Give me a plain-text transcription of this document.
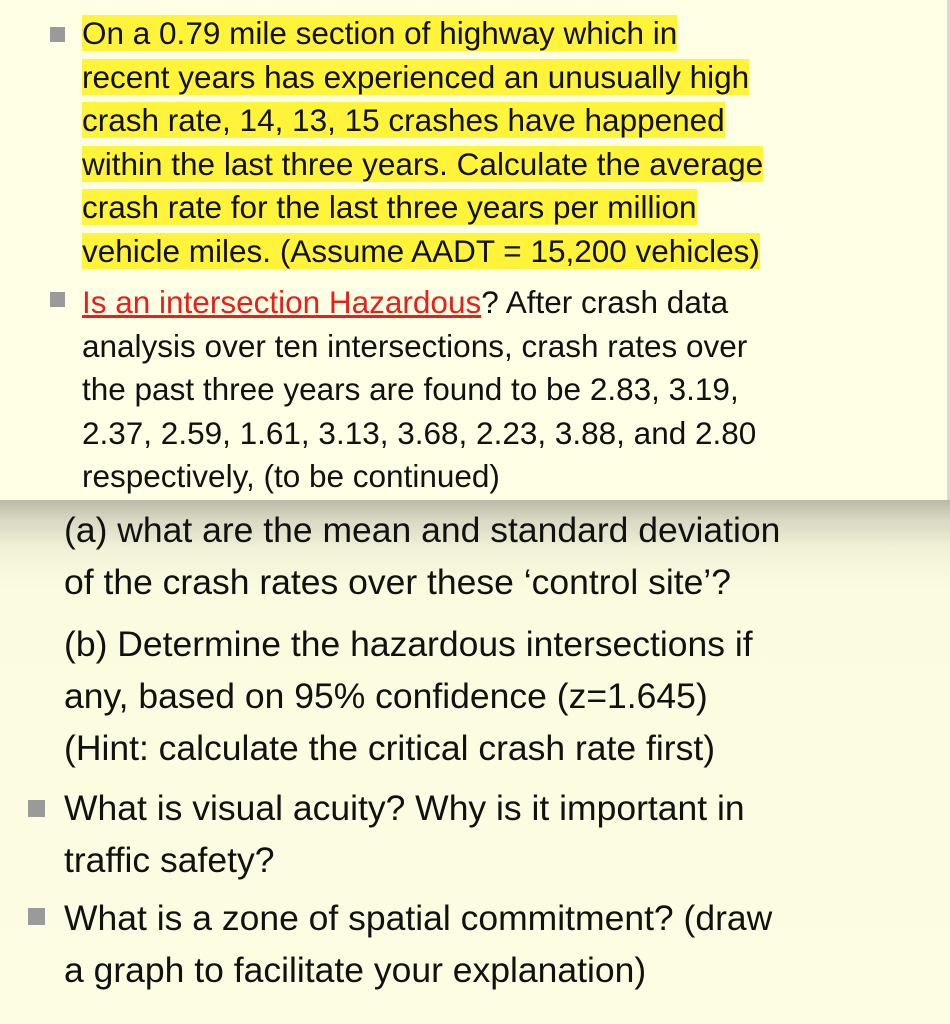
On a 0.79 mile section of highway which in
recent years has experienced an unusually high
crash rate, 14, 13, 15 crashes have happened
within the last three years. Calculate the average
crash rate for the last three years per million
vehicle miles. (Assume AADT = 15,200 vehicles)

Is an intersection Hazardous? After crash data
analysis over ten intersections, crash rates over
the past three years are found to be 2.83, 3.19,
2.37, 2.59, 1.61, 3.13, 3.68, 2.23, 3.88, and 2.80
respectively, (to be continued)

(a) what are the mean and standard deviation
of the crash rates over these ‘control site’?

(b) Determine the hazardous intersections if
any, based on 95% confidence (z=1.645)
(Hint: calculate the critical crash rate first)

What is visual acuity? Why is it important in
traffic safety?

What is a zone of spatial commitment? (draw
a graph to facilitate your explanation)
